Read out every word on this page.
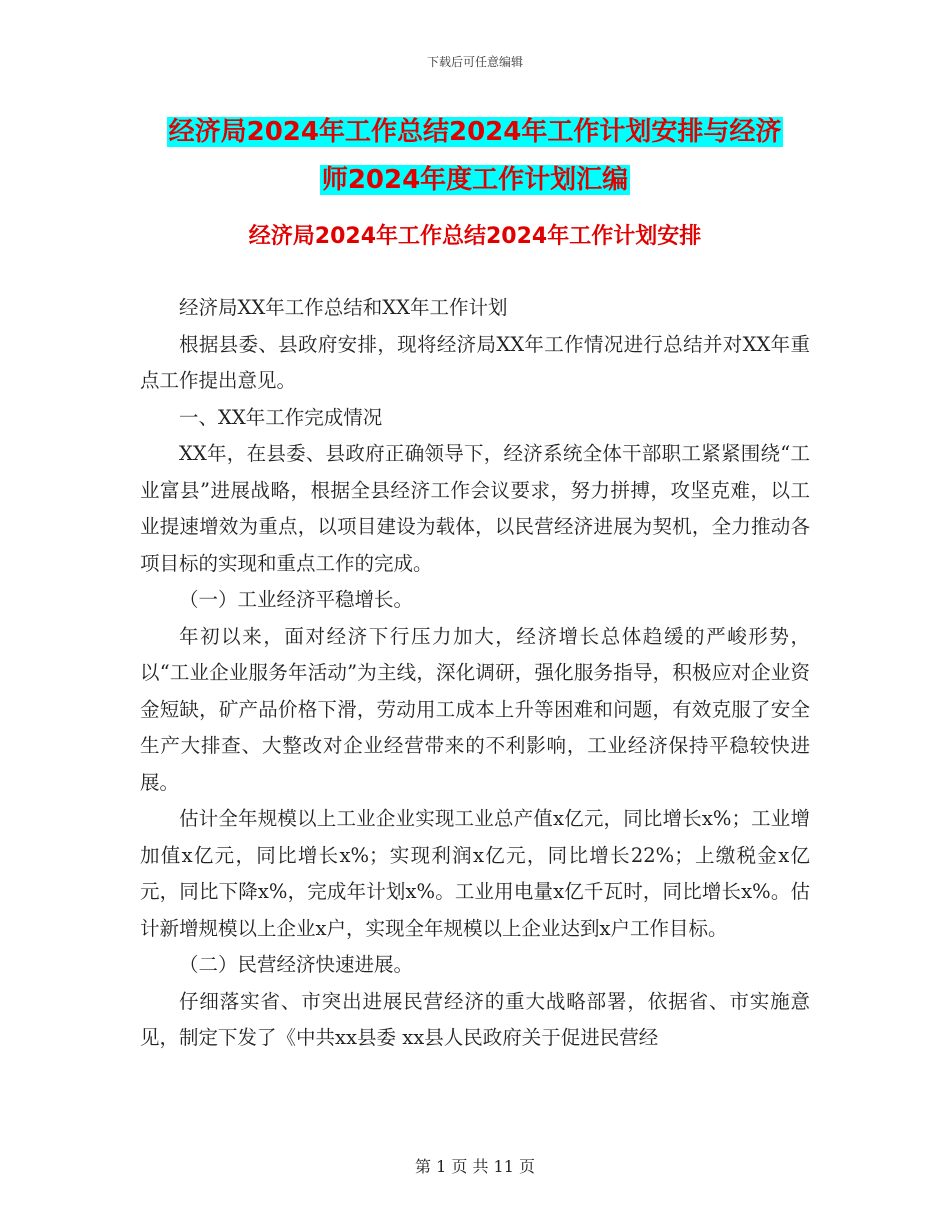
下载后可任意编辑
经济局2024年工作总结2024年工作计划安排与经济
师2024年度工作计划汇编
经济局2024年工作总结2024年工作计划安排

经济局XX年工作总结和XX年工作计划

根据县委、县政府安排，现将经济局XX年工作情况进行总结并对XX年重点工作提出意见。

一、XX年工作完成情况

XX年，在县委、县政府正确领导下，经济系统全体干部职工紧紧围绕“工业富县”进展战略，根据全县经济工作会议要求，努力拼搏，攻坚克难，以工业提速增效为重点，以项目建设为载体，以民营经济进展为契机，全力推动各项目标的实现和重点工作的完成。

（一）工业经济平稳增长。

年初以来，面对经济下行压力加大，经济增长总体趋缓的严峻形势，以“工业企业服务年活动”为主线，深化调研，强化服务指导，积极应对企业资金短缺，矿产品价格下滑，劳动用工成本上升等困难和问题，有效克服了安全生产大排查、大整改对企业经营带来的不利影响，工业经济保持平稳较快进展。

估计全年规模以上工业企业实现工业总产值x亿元，同比增长x%；工业增加值x亿元，同比增长x%；实现利润x亿元，同比增长22%；上缴税金x亿元，同比下降x%，完成年计划x%。工业用电量x亿千瓦时，同比增长x%。估计新增规模以上企业x户，实现全年规模以上企业达到x户工作目标。

（二）民营经济快速进展。

仔细落实省、市突出进展民营经济的重大战略部署，依据省、市实施意见，制定下发了《中共xx县委 xx县人民政府关于促进民营经

第 1 页 共 11 页
